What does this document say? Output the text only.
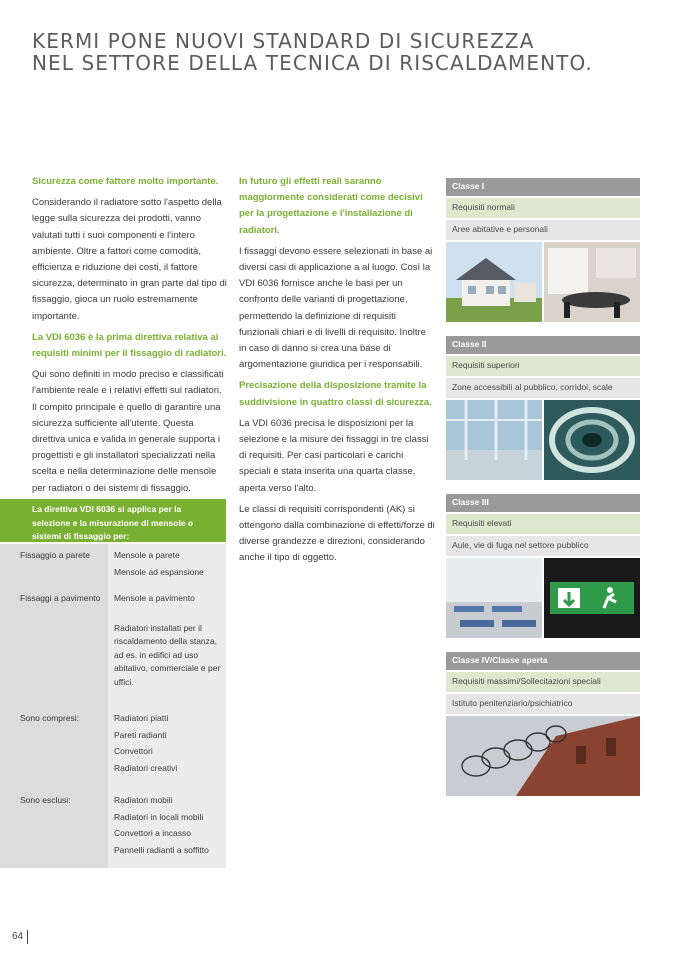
KERMI PONE NUOVI STANDARD DI SICUREZZA
NEL SETTORE DELLA TECNICA DI RISCALDAMENTO.

Sicurezza come fattore molto importante.

Considerando il radiatore sotto l'aspetto della legge sulla sicurezza dei prodotti, vanno valutati tutti i suoi componenti e l'intero ambiente. Oltre a fattori come comodità, efficienza e riduzione dei costi, il fattore sicurezza, determinato in gran parte dal tipo di fissaggio, gioca un ruolo estremamente importante.

La VDI 6036 è la prima direttiva relativa ai requisiti minimi per il fissaggio di radiatori.

Qui sono definiti in modo preciso e classificati l'ambiente reale e i relativi effetti sui radiatori. Il compito principale è quello di garantire una sicurezza sufficiente all'utente. Questa direttiva unica e valida in generale supporta i progettisti e gli installatori specializzati nella scelta e nella determinazione delle mensole per radiatori o dei sistemi di fissaggio.

In futuro gli effetti reali saranno maggiormente considerati come decisivi per la progettazione e l'installazione di radiatori.

I fissaggi devono essere selezionati in base ai diversi casi di applicazione a al luogo. Così la VDI 6036 fornisce anche le basi per un confronto delle varianti di progettazione, permettendo la definizione di requisiti funzionali chiari e di livelli di requisito. Inoltre in caso di danno si crea una base di argomentazione giuridica per i responsabili.

Precisazione della disposizione tramite la suddivisione in quattro classi di sicurezza.

La VDI 6036 precisa le disposizioni per la selezione e la misure dei fissaggi in tre classi di requisiti. Per casi particolari e carichi speciali è stata inserita una quarta classe, aperta verso l'alto.

Le classi di requisiti corrispondenti (AK) si ottengono dalla combinazione di effetti/forze di diverse grandezze e direzioni, considerando anche il tipo di oggetto.

La direttiva VDI 6036 si applica per la selezione e la misurazione di mensole o sistemi di fissaggio per:
Fissaggio a parete	Mensole a parete
Mensole ad espansione
Fissaggi a pavimento	Mensole a pavimento
Radiatori installati per il riscaldamento della stanza, ad es. in edifici ad uso abitativo, commerciale e per uffici.
Sono compresi:	Radiatori piatti
Pareti radianti
Convettori
Radiatori creativi
Sono esclusi:	Radiatori mobili
Radiatori in locali mobili
Convettori a incasso
Pannelli radianti a soffitto
Classe I
Requisiti normali
Aree abitative e personali
Classe II
Requisiti superiori
Zone accessibili al pubblico, corridoi, scale
Classe III
Requisiti elevati
Aule, vie di fuga nel settore pubblico
Classe IV/Classe aperta
Requisiti massimi/Sollecitazioni speciali
Istituto penitenziario/psichiatrico
64
